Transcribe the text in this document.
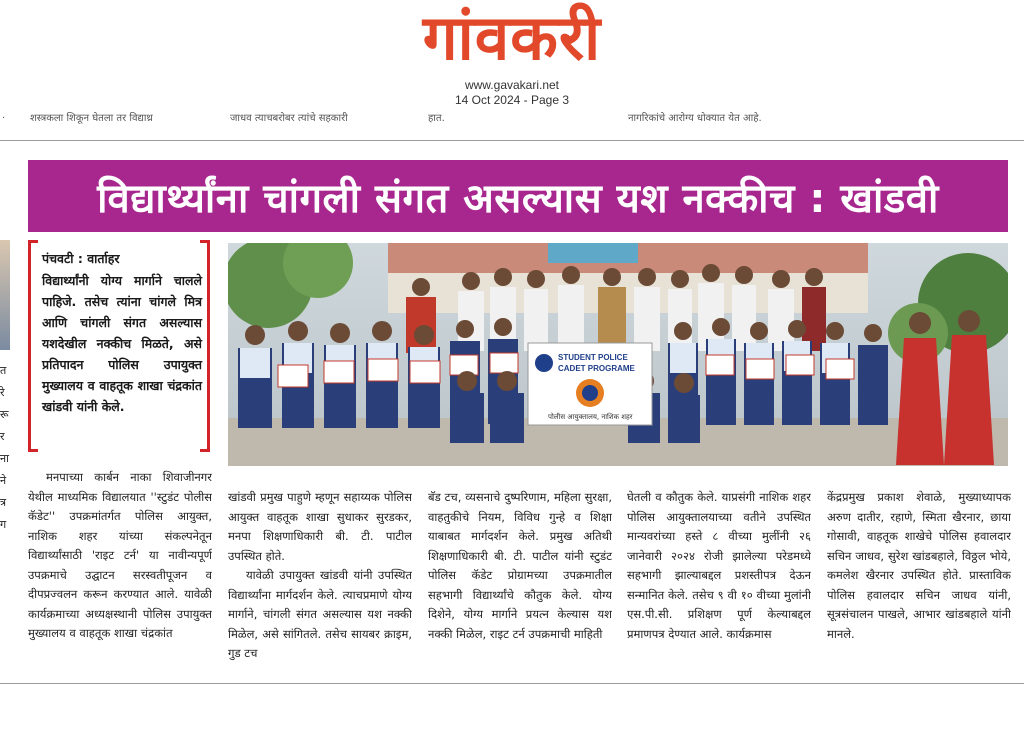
गांवकरी
www.gavakari.net
14 Oct 2024 - Page 3
. शस्त्रकला शिकून घेतला तर विद्याथ्र	जाधव त्याचबरोबर त्यांचे सहकारी	हात.	नागरिकांचे आरोग्य धोक्यात येत आहे.
विद्यार्थ्यांना चांगली संगत असल्यास यश नक्कीच : खांडवी
त
रे
रू
र
ना
ने
त्र
ग
पंचवटी : वार्ताहर
विद्यार्थ्यांनी योग्य मार्गाने चालले पाहिजे. तसेच त्यांना चांगले मित्र आणि चांगली संगत असल्यास यशदेखील नक्कीच मिळते, असे प्रतिपादन पोलिस उपायुक्त मुख्यालय व वाहतूक शाखा चंद्रकांत खांडवी यांनी केले.
STUDENT POLICE
CADET PROGRAME
पोलीस आयुक्तालय, नाशिक शहर
मनपाच्या कार्बन नाका शिवाजीनगर येथील माध्यमिक विद्यालयात ''स्टुडंट पोलीस कॅडेट'' उपक्रमांतर्गत पोलिस आयुक्त, नाशिक शहर यांच्या संकल्पनेतून विद्यार्थ्यांसाठी 'राइट टर्न' या नावीन्यपूर्ण उपक्रमाचे उद्घाटन सरस्वतीपूजन व दीपप्रज्वलन करून करण्यात आले. यावेळी कार्यक्रमाच्या अध्यक्षस्थानी पोलिस उपायुक्त मुख्यालय व वाहतूक शाखा चंद्रकांत

खांडवी प्रमुख पाहुणे म्हणून सहाय्यक पोलिस आयुक्त वाहतूक शाखा सुधाकर सुरडकर, मनपा शिक्षणाधिकारी बी. टी. पाटील उपस्थित होते.

यावेळी उपायुक्त खांडवी यांनी उपस्थित विद्यार्थ्यांना मार्गदर्शन केले. त्याचप्रमाणे योग्य मार्गाने, चांगली संगत असल्यास यश नक्की मिळेल, असे सांगितले. तसेच सायबर क्राइम, गुड टच

बॅड टच, व्यसनाचे दुष्परिणाम, महिला सुरक्षा, वाहतुकीचे नियम, विविध गुन्हे व शिक्षा याबाबत मार्गदर्शन केले. प्रमुख अतिथी शिक्षणाधिकारी बी. टी. पाटील यांनी स्टुडंट पोलिस कॅडेट प्रोग्रामच्या उपक्रमातील सहभागी विद्यार्थ्यांचे कौतुक केले. योग्य दिशेने, योग्य मार्गाने प्रयत्न केल्यास यश नक्की मिळेल, राइट टर्न उपक्रमाची माहिती
घेतली व कौतुक केले. याप्रसंगी नाशिक शहर पोलिस आयुक्तालयाच्या वतीने उपस्थित मान्यवरांच्या हस्ते ८ वीच्या मुलींनी २६ जानेवारी २०२४ रोजी झालेल्या परेडमध्ये सहभागी झाल्याबद्दल प्रशस्तीपत्र देऊन सन्मानित केले. तसेच ९ वी १० वीच्या मुलांनी एस.पी.सी. प्रशिक्षण पूर्ण केल्याबद्दल प्रमाणपत्र देण्यात आले. कार्यक्रमास
केंद्रप्रमुख प्रकाश शेवाळे, मुख्याध्यापक अरुण दातीर, रहाणे, स्मिता खैरनार, छाया गोसावी, वाहतूक शाखेचे पोलिस हवालदार सचिन जाधव, सुरेश खांडबहाले, विठ्ठल भोये, कमलेश खैरनार उपस्थित होते. प्रास्ताविक पोलिस हवालदार सचिन जाधव यांनी, सूत्रसंचालन पाखले, आभार खांडबहाले यांनी मानले.
